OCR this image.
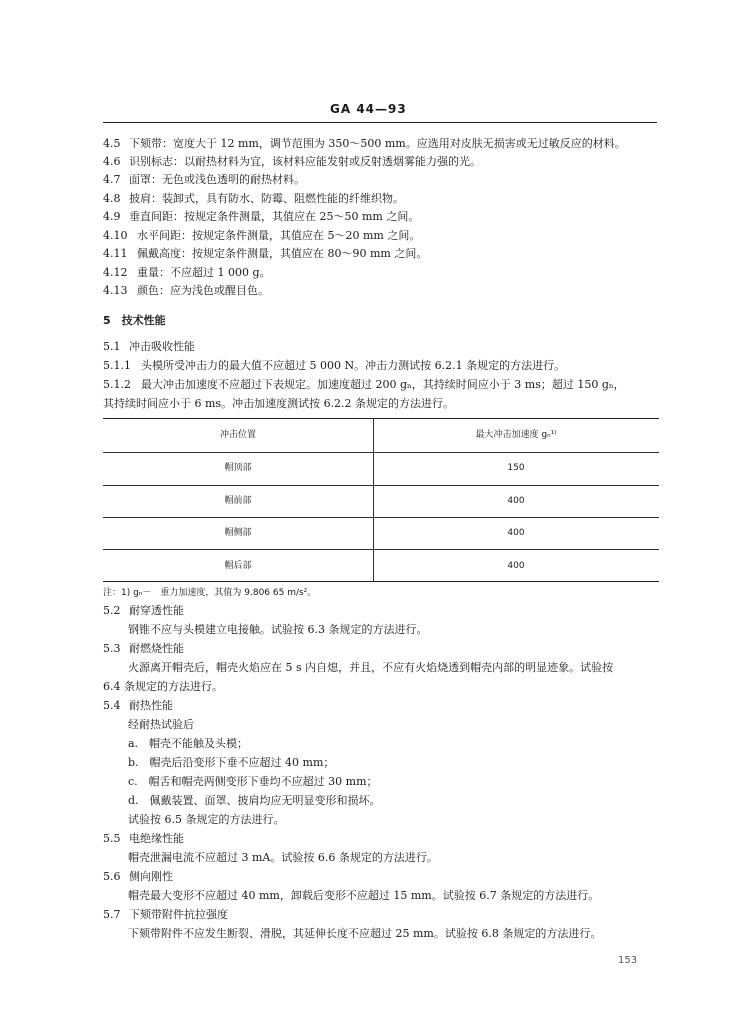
GA 44—93
4.5 下颏带：宽度大于 12 mm，调节范围为 350～500 mm。应选用对皮肤无损害或无过敏反应的材料。
4.6 识别标志：以耐热材料为宜，该材料应能发射或反射透烟雾能力强的光。
4.7 面罩：无色或浅色透明的耐热材料。
4.8 披肩：装卸式，具有防水、防霉、阻燃性能的纤维织物。
4.9 垂直间距：按规定条件测量，其值应在 25～50 mm 之间。
4.10 水平间距：按规定条件测量，其值应在 5～20 mm 之间。
4.11 佩戴高度：按规定条件测量，其值应在 80～90 mm 之间。
4.12 重量：不应超过 1 000 g。
4.13 颜色：应为浅色或醒目色。
5　技术性能
5.1 冲击吸收性能
5.1.1 头模所受冲击力的最大值不应超过 5 000 N。冲击力测试按 6.2.1 条规定的方法进行。
5.1.2 最大冲击加速度不应超过下表规定。加速度超过 200 gₙ，其持续时间应小于 3 ms；超过 150 gₙ，
其持续时间应小于 6 ms。冲击加速度测试按 6.2.2 条规定的方法进行。
冲击位置	最大冲击加速度 gₙ¹⁾
帽顶部	150
帽前部	400
帽侧部	400
帽后部	400
注：1) gₙ－　重力加速度，其值为 9.806 65 m/s²。
5.2 耐穿透性能
钢锥不应与头模建立电接触。试验按 6.3 条规定的方法进行。
5.3 耐燃烧性能
火源离开帽壳后，帽壳火焰应在 5 s 内自熄，并且，不应有火焰烧透到帽壳内部的明显迹象。试验按
6.4 条规定的方法进行。
5.4 耐热性能
经耐热试验后
a.　帽壳不能触及头模；
b.　帽壳后沿变形下垂不应超过 40 mm；
c.　帽舌和帽壳两侧变形下垂均不应超过 30 mm；
d.　佩戴装置、面罩、披肩均应无明显变形和损坏。
试验按 6.5 条规定的方法进行。
5.5 电绝缘性能
帽壳泄漏电流不应超过 3 mA。试验按 6.6 条规定的方法进行。
5.6 侧向刚性
帽壳最大变形不应超过 40 mm，卸载后变形不应超过 15 mm。试验按 6.7 条规定的方法进行。
5.7 下颏带附件抗拉强度
下颏带附件不应发生断裂、滑脱，其延伸长度不应超过 25 mm。试验按 6.8 条规定的方法进行。
153
